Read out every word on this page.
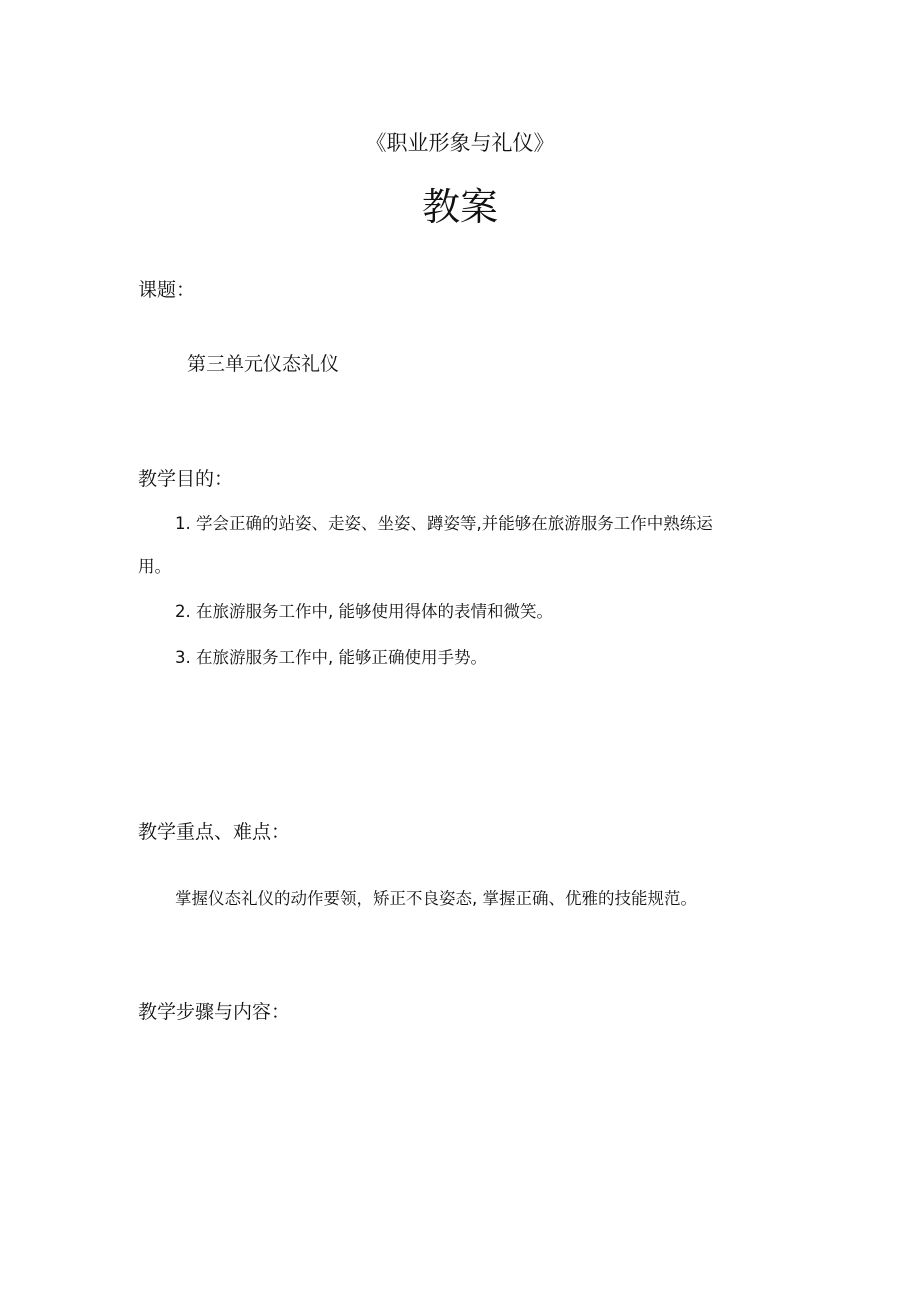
《职业形象与礼仪》
教案
课题：
第三单元仪态礼仪
教学目的：
1. 学会正确的站姿、走姿、坐姿、蹲姿等,并能够在旅游服务工作中熟练运
用。
2. 在旅游服务工作中, 能够使用得体的表情和微笑。
3. 在旅游服务工作中, 能够正确使用手势。
教学重点、难点：
掌握仪态礼仪的动作要领，矫正不良姿态, 掌握正确、优雅的技能规范。
教学步骤与内容：
